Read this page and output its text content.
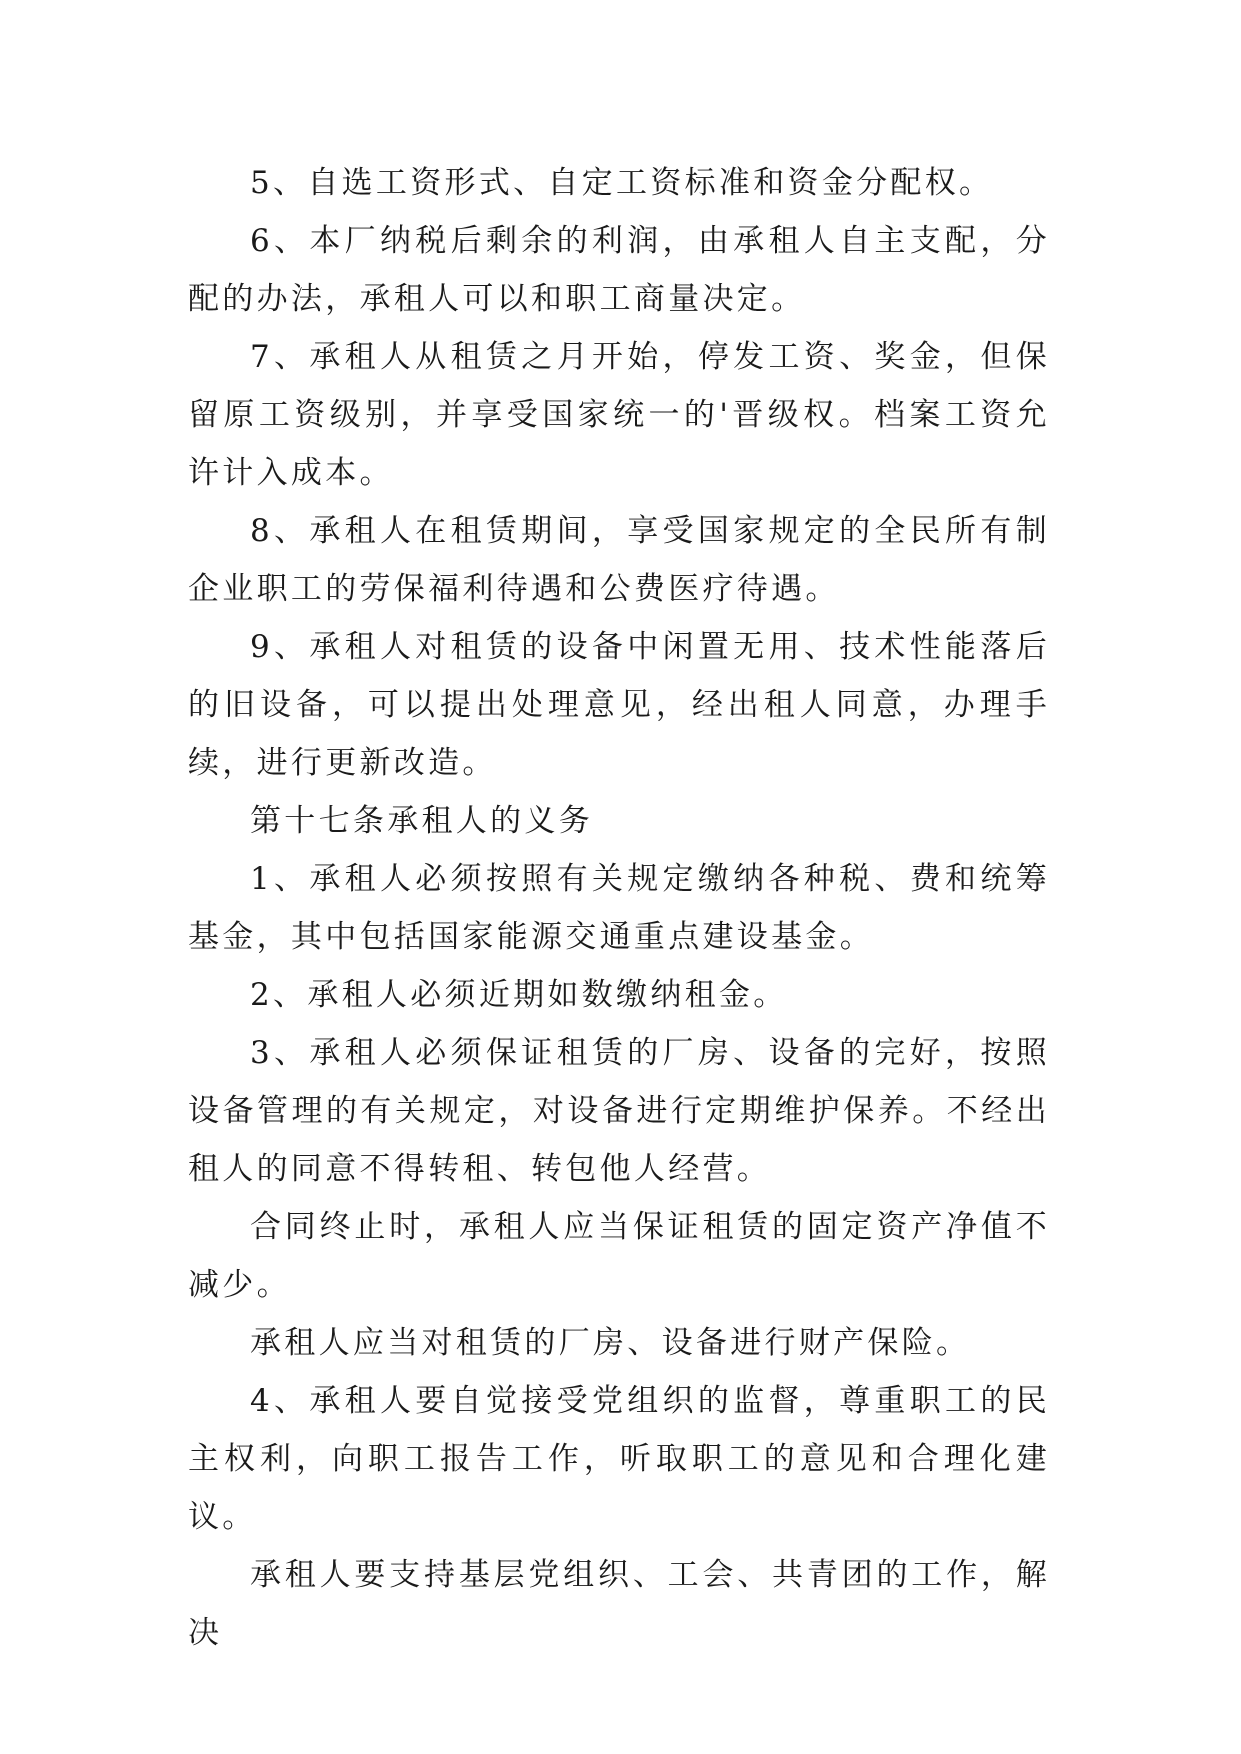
5、自选工资形式、自定工资标准和资金分配权。

6、本厂纳税后剩余的利润，由承租人自主支配，分配的办法，承租人可以和职工商量决定。

7、承租人从租赁之月开始，停发工资、奖金，但保留原工资级别，并享受国家统一的'晋级权。档案工资允许计入成本。

8、承租人在租赁期间，享受国家规定的全民所有制企业职工的劳保福利待遇和公费医疗待遇。

9、承租人对租赁的设备中闲置无用、技术性能落后的旧设备，可以提出处理意见，经出租人同意，办理手续，进行更新改造。

第十七条承租人的义务

1、承租人必须按照有关规定缴纳各种税、费和统筹基金，其中包括国家能源交通重点建设基金。

2、承租人必须近期如数缴纳租金。

3、承租人必须保证租赁的厂房、设备的完好，按照设备管理的有关规定，对设备进行定期维护保养。不经出租人的同意不得转租、转包他人经营。

合同终止时，承租人应当保证租赁的固定资产净值不减少。

承租人应当对租赁的厂房、设备进行财产保险。

4、承租人要自觉接受党组织的监督，尊重职工的民主权利，向职工报告工作，听取职工的意见和合理化建议。

承租人要支持基层党组织、工会、共青团的工作，解决
